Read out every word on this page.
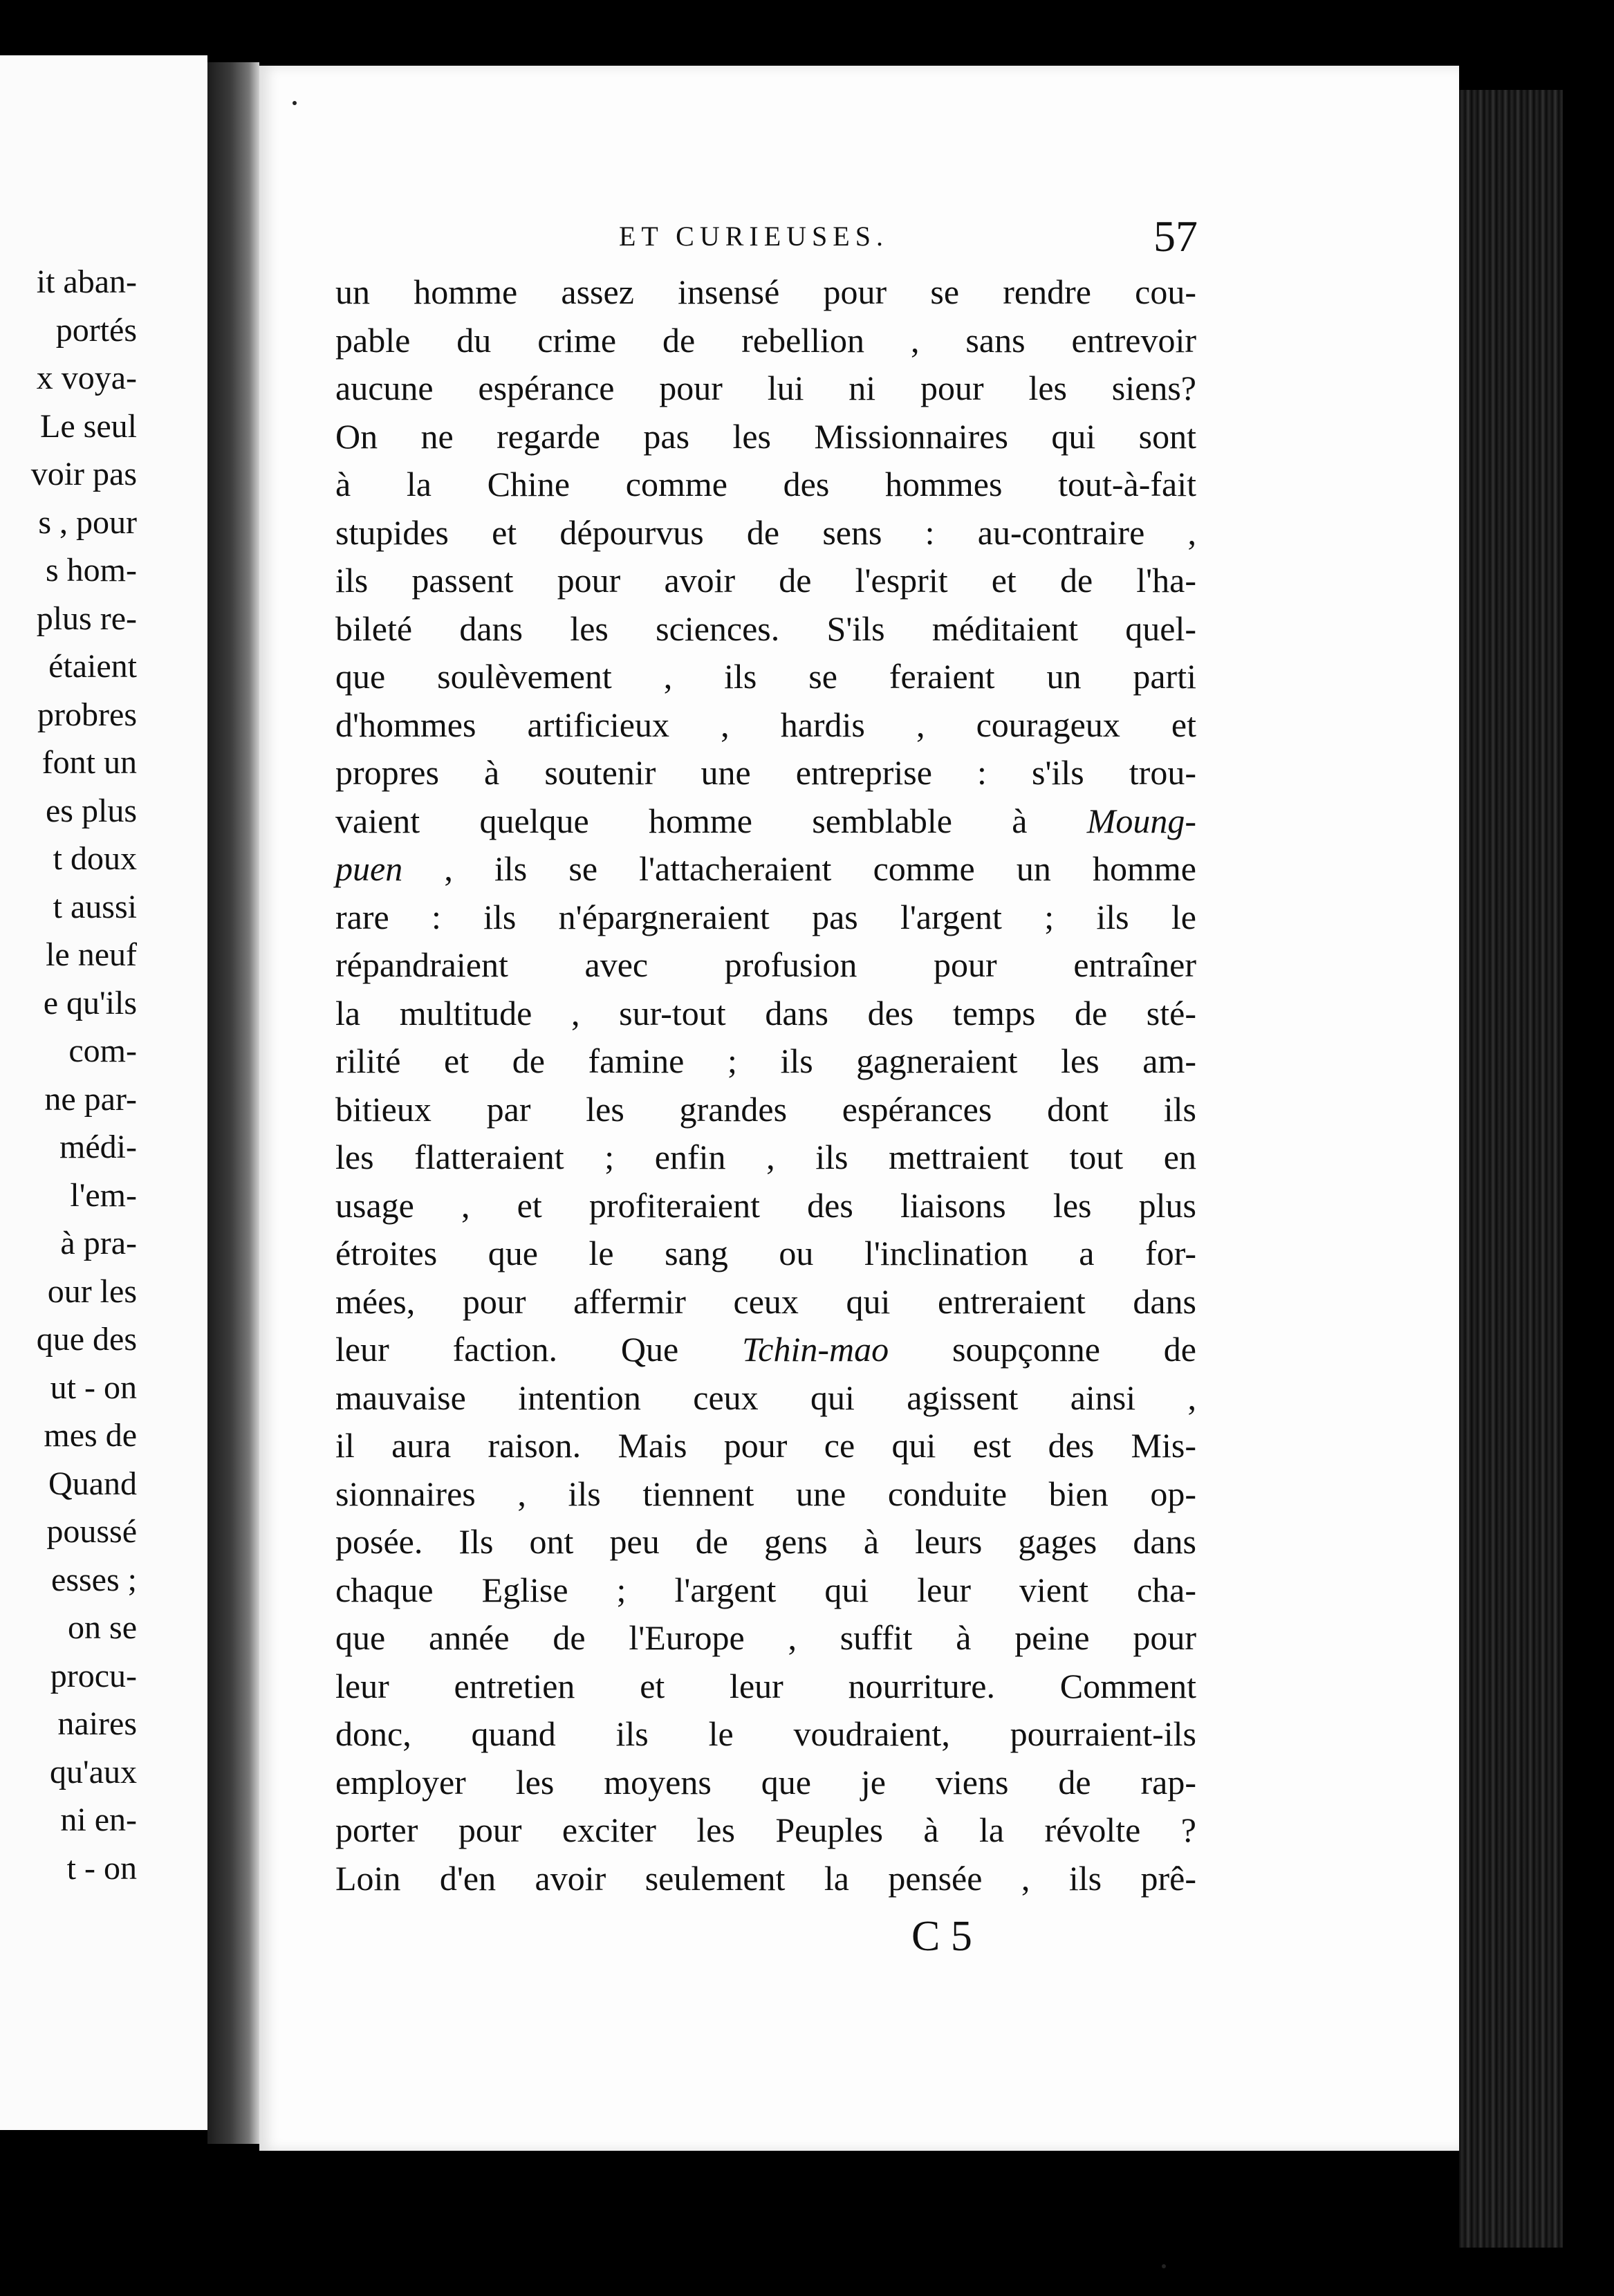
it aban-
portés
x voya-
Le seul
voir pas
s , pour
s hom-
plus re-
étaient
probres
font un
es plus
t doux
t aussi
le neuf
e qu'ils
com-
ne par-
médi-
l'em-
à pra-
our les
que des
ut - on
mes de
Quand
poussé
esses ;
on se
procu-
naires
qu'aux
ni en-
t - on
ET CURIEUSES.	57
un homme assez insensé pour se rendre cou-
pable du crime de rebellion , sans entrevoir
aucune espérance pour lui ni pour les siens?
On ne regarde pas les Missionnaires qui sont
à la Chine comme des hommes tout-à-fait
stupides et dépourvus de sens : au-contraire ,
ils passent pour avoir de l'esprit et de l'ha-
bileté dans les sciences. S'ils méditaient quel-
que soulèvement , ils se feraient un parti
d'hommes artificieux , hardis , courageux et
propres à soutenir une entreprise : s'ils trou-
vaient quelque homme semblable à Moung-
puen , ils se l'attacheraient comme un homme
rare : ils n'épargneraient pas l'argent ; ils le
répandraient avec profusion pour entraîner
la multitude , sur-tout dans des temps de sté-
rilité et de famine ; ils gagneraient les am-
bitieux par les grandes espérances dont ils
les flatteraient ; enfin , ils mettraient tout en
usage , et profiteraient des liaisons les plus
étroites que le sang ou l'inclination a for-
mées, pour affermir ceux qui entreraient dans
leur faction. Que Tchin-mao soupçonne de
mauvaise intention ceux qui agissent ainsi ,
il aura raison. Mais pour ce qui est des Mis-
sionnaires , ils tiennent une conduite bien op-
posée. Ils ont peu de gens à leurs gages dans
chaque Eglise ; l'argent qui leur vient cha-
que année de l'Europe , suffit à peine pour
leur entretien et leur nourriture. Comment
donc, quand ils le voudraient, pourraient-ils
employer les moyens que je viens de rap-
porter pour exciter les Peuples à la révolte ?
Loin d'en avoir seulement la pensée , ils prê-
C 5
